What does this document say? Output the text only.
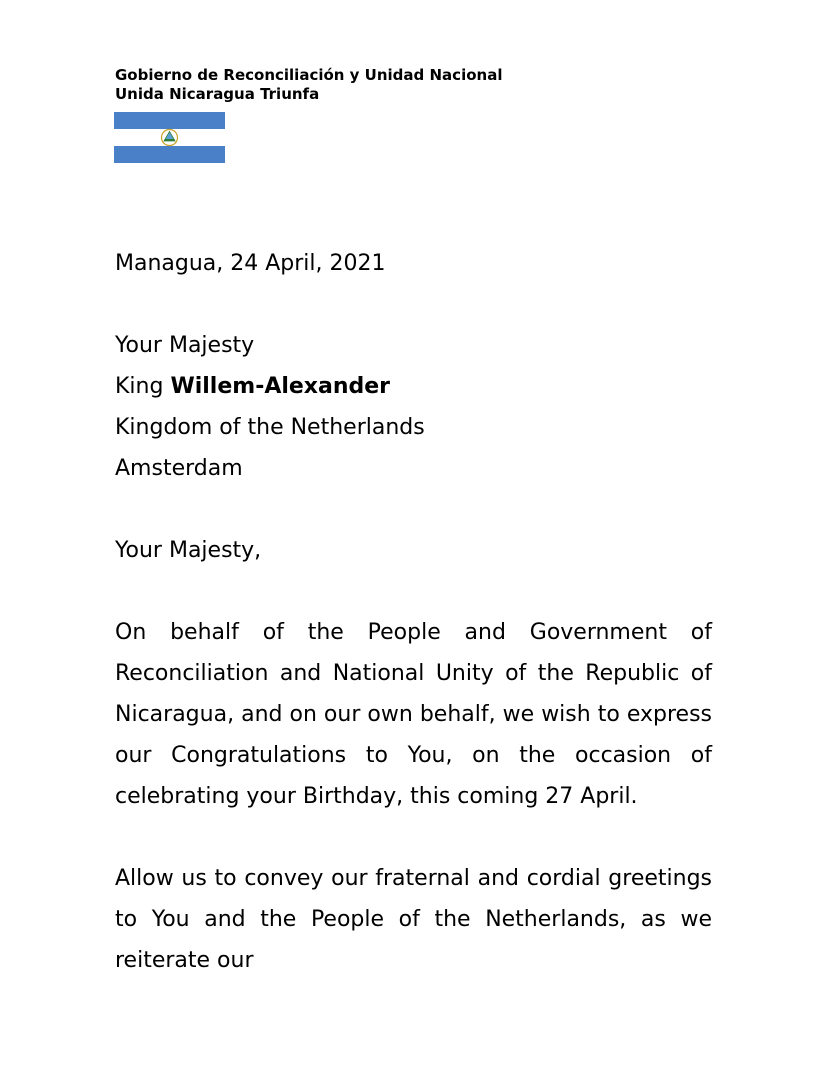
Gobierno de Reconciliación y Unidad Nacional
Unida Nicaragua Triunfa

Managua, 24 April, 2021

Your Majesty

King Willem-Alexander

Kingdom of the Netherlands

Amsterdam

Your Majesty,

On behalf of the People and Government of Reconciliation and National Unity of the Republic of Nicaragua, and on our own behalf, we wish to express our Congratulations to You, on the occasion of celebrating your Birthday, this coming 27 April.

Allow us to convey our fraternal and cordial greetings to You and the People of the Netherlands, as we reiterate our
